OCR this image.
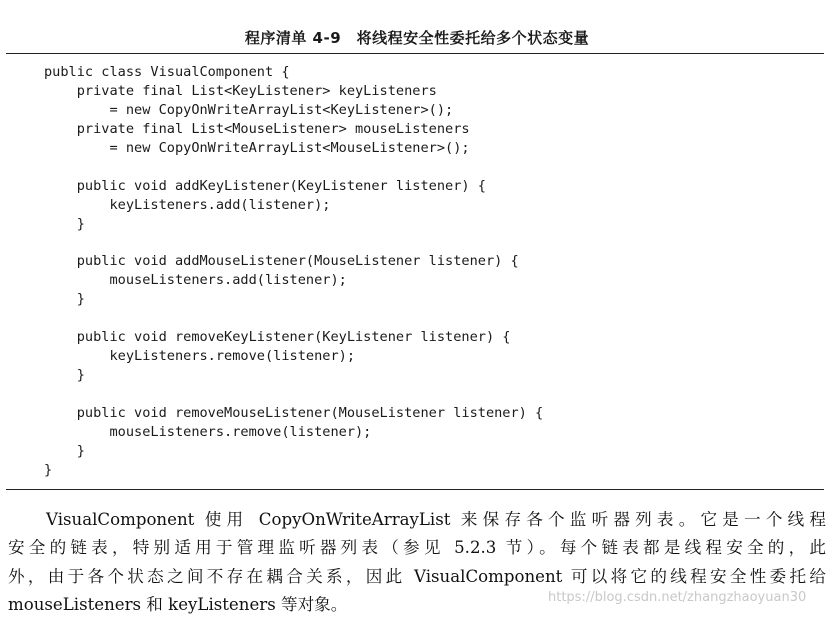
程序清单 4-9　将线程安全性委托给多个状态变量
public class VisualComponent {
private final List<KeyListener> keyListeners
= new CopyOnWriteArrayList<KeyListener>();
private final List<MouseListener> mouseListeners
= new CopyOnWriteArrayList<MouseListener>();
public void addKeyListener(KeyListener listener) {
keyListeners.add(listener);
}
public void addMouseListener(MouseListener listener) {
mouseListeners.add(listener);
}
public void removeKeyListener(KeyListener listener) {
keyListeners.remove(listener);
}
public void removeMouseListener(MouseListener listener) {
mouseListeners.remove(listener);
}
}
VisualComponent 使用 CopyOnWriteArrayList 来保存各个监听器列表。它是一个线程
安全的链表，特别适用于管理监听器列表（参见 5.2.3 节）。每个链表都是线程安全的，此
外，由于各个状态之间不存在耦合关系，因此 VisualComponent 可以将它的线程安全性委托给
mouseListeners 和 keyListeners 等对象。	https://blog.csdn.net/zhangzhaoyuan30
